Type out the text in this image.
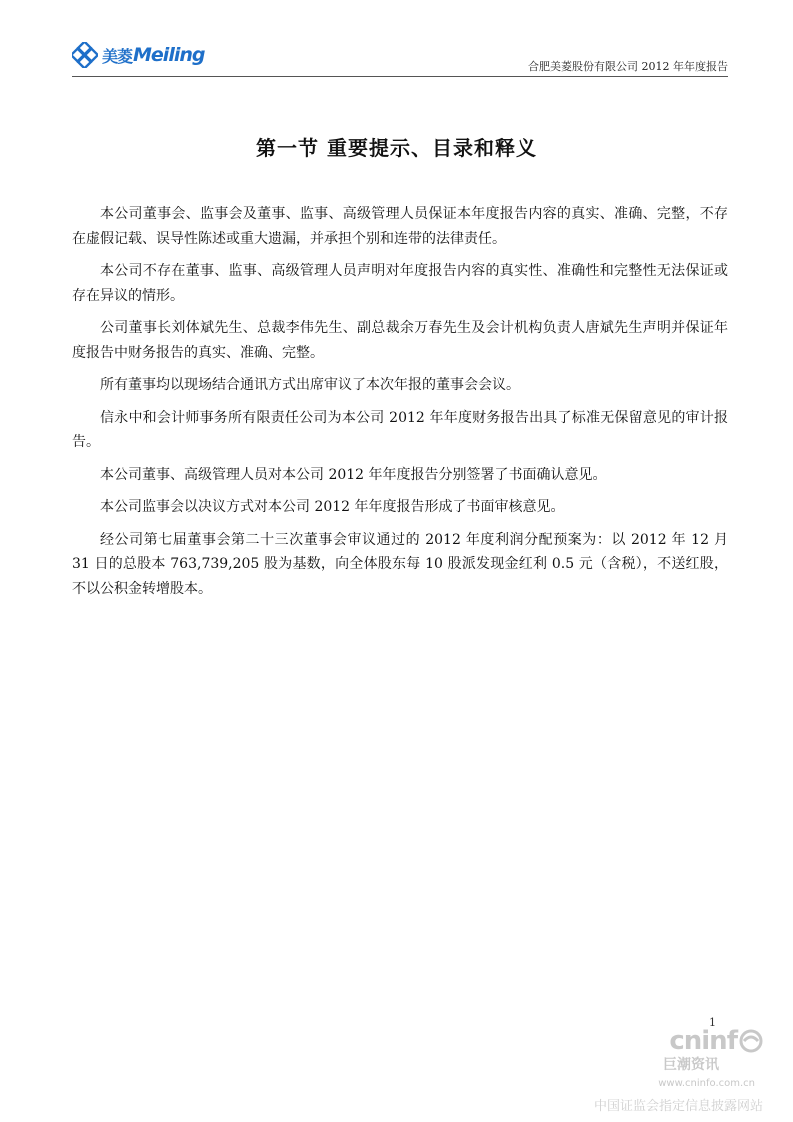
美菱 Meiling
合肥美菱股份有限公司 2012 年年度报告
第一节 重要提示、目录和释义

本公司董事会、监事会及董事、监事、高级管理人员保证本年度报告内容的真实、准确、完整，不存在虚假记载、误导性陈述或重大遗漏，并承担个别和连带的法律责任。

本公司不存在董事、监事、高级管理人员声明对年度报告内容的真实性、准确性和完整性无法保证或存在异议的情形。

公司董事长刘体斌先生、总裁李伟先生、副总裁余万春先生及会计机构负责人唐斌先生声明并保证年度报告中财务报告的真实、准确、完整。

所有董事均以现场结合通讯方式出席审议了本次年报的董事会会议。

信永中和会计师事务所有限责任公司为本公司 2012 年年度财务报告出具了标准无保留意见的审计报告。

本公司董事、高级管理人员对本公司 2012 年年度报告分别签署了书面确认意见。

本公司监事会以决议方式对本公司 2012 年年度报告形成了书面审核意见。

经公司第七届董事会第二十三次董事会审议通过的 2012 年度利润分配预案为：以 2012 年 12 月 31 日的总股本 763,739,205 股为基数，向全体股东每 10 股派发现金红利 0.5 元（含税），不送红股，不以公积金转增股本。

1
cninf
巨潮资讯
www.cninfo.com.cn
中国证监会指定信息披露网站
